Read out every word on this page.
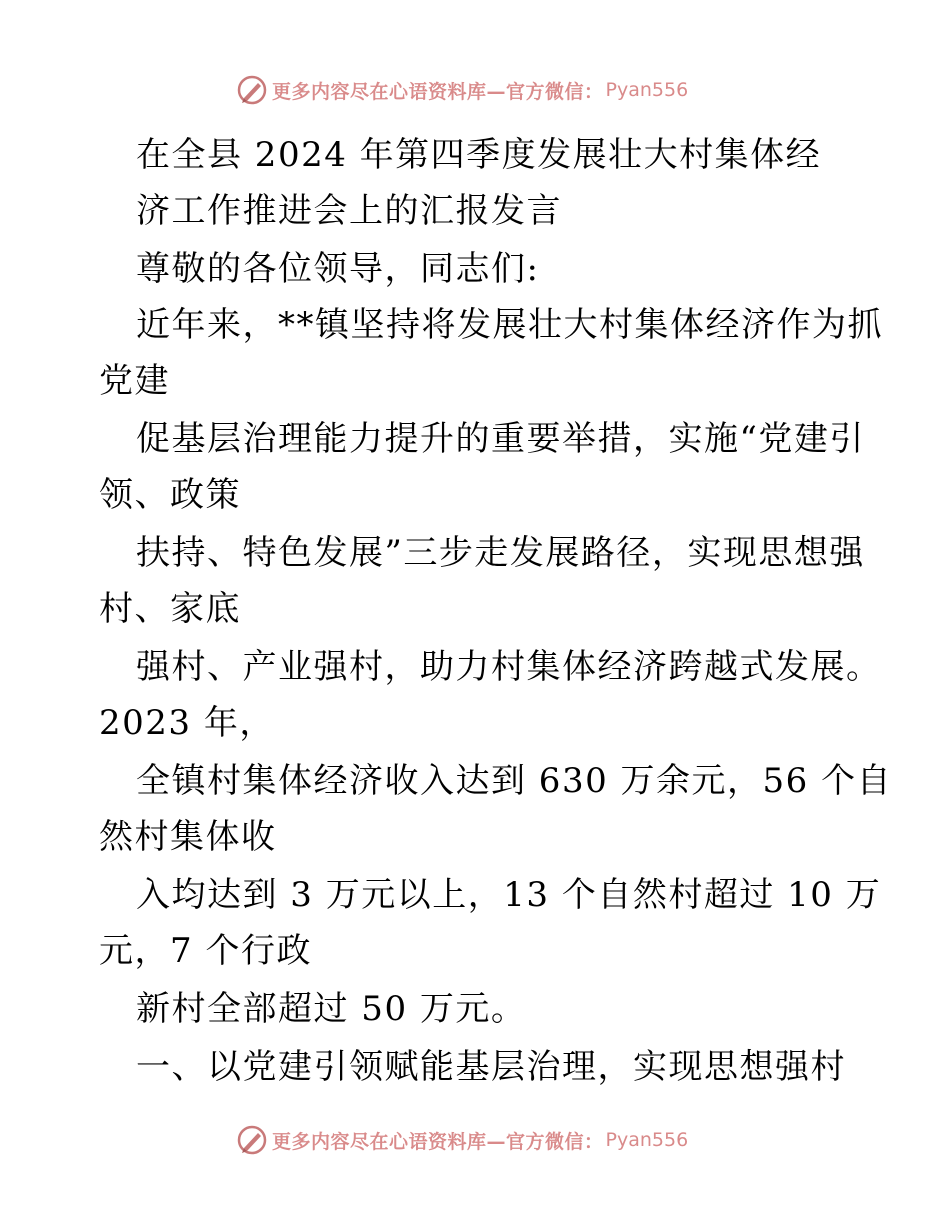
更多内容尽在心语资料库—官方微信： Pyan556
在全县 2024 年第四季度发展壮大村集体经
济工作推进会上的汇报发言
尊敬的各位领导，同志们:
近年来，**镇坚持将发展壮大村集体经济作为抓
党建
促基层治理能力提升的重要举措，实施“党建引
领、政策
扶持、特色发展”三步走发展路径，实现思想强
村、家底
强村、产业强村，助力村集体经济跨越式发展。
2023 年，
全镇村集体经济收入达到 630 万余元，56 个自
然村集体收
入均达到 3 万元以上，13 个自然村超过 10 万
元，7 个行政
新村全部超过 50 万元。
一、以党建引领赋能基层治理，实现思想强村
更多内容尽在心语资料库—官方微信： Pyan556
